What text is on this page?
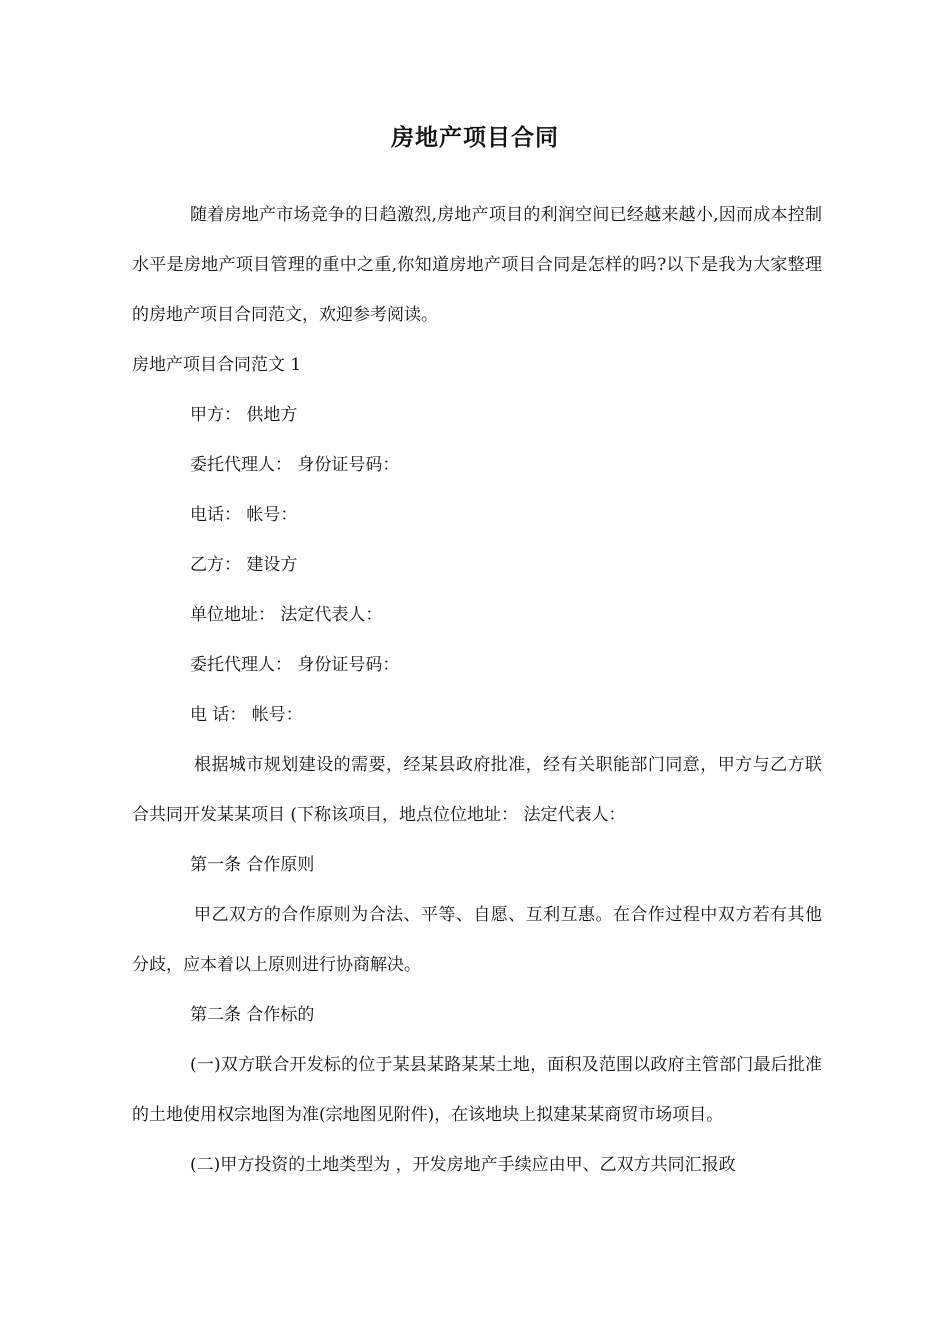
房地产项目合同

随着房地产市场竞争的日趋激烈,房地产项目的利润空间已经越来越小,因而成本控制水平是房地产项目管理的重中之重,你知道房地产项目合同是怎样的吗?以下是我为大家整理的房地产项目合同范文，欢迎参考阅读。

房地产项目合同范文 1

甲方： 供地方

委托代理人： 身份证号码：

电话： 帐号：

乙方： 建设方

单位地址： 法定代表人：

委托代理人： 身份证号码：

电 话： 帐号：

根据城市规划建设的需要，经某县政府批准，经有关职能部门同意，甲方与乙方联合共同开发某某项目 (下称该项目，地点位位地址： 法定代表人：

第一条 合作原则

甲乙双方的合作原则为合法、平等、自愿、互利互惠。在合作过程中双方若有其他分歧，应本着以上原则进行协商解决。

第二条 合作标的

(一)双方联合开发标的位于某县某路某某土地，面积及范围以政府主管部门最后批准的土地使用权宗地图为准(宗地图见附件)，在该地块上拟建某某商贸市场项目。

(二)甲方投资的土地类型为 ，开发房地产手续应由甲、乙双方共同汇报政
